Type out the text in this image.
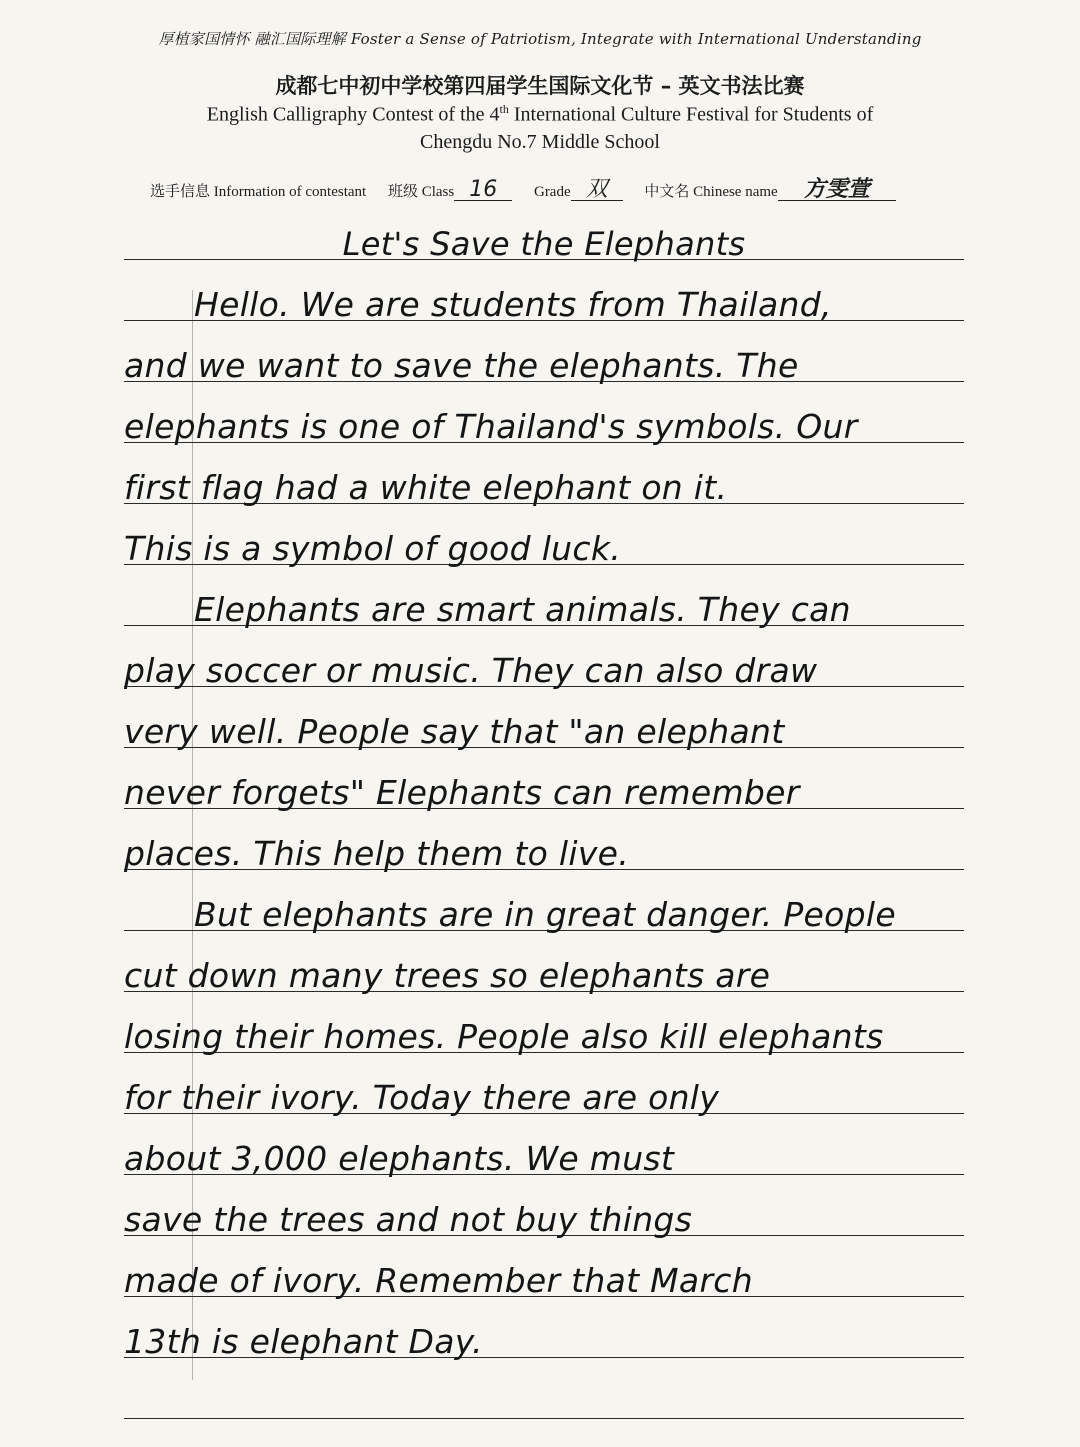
厚植家国情怀 融汇国际理解 Foster a Sense of Patriotism, Integrate with International Understanding
成都七中初中学校第四届学生国际文化节 – 英文书法比赛
English Calligraphy Contest of the 4th International Culture Festival for Students of
Chengdu No.7 Middle School
选手信息 Information of contestant 班级 Class 16 Grade 双 中文名 Chinese name 方雯萱
Let's Save the Elephants
Hello. We are students from Thailand,
and we want to save the elephants. The
elephants is one of Thailand's symbols. Our
first flag had a white elephant on it.
This is a symbol of good luck.
Elephants are smart animals. They can
play soccer or music. They can also draw
very well. People say that "an elephant
never forgets" Elephants can remember
places. This help them to live.
But elephants are in great danger. People
cut down many trees so elephants are
losing their homes. People also kill elephants
for their ivory. Today there are only
about 3,000 elephants. We must
save the trees and not buy things
made of ivory. Remember that March
13th is elephant Day.
